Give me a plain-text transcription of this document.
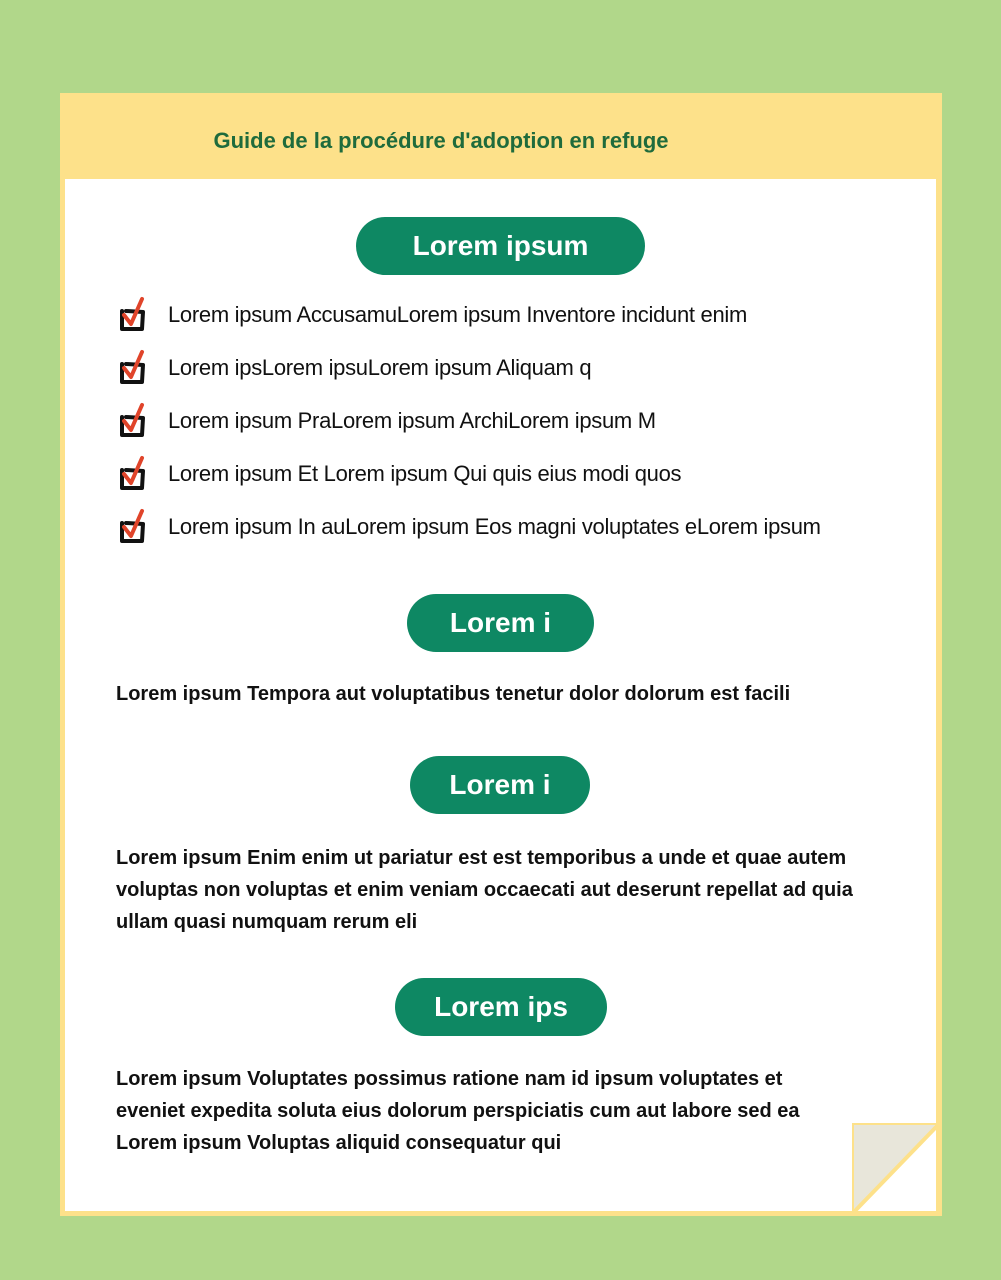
Guide de la procédure d'adoption en refuge
Lorem ipsum
Lorem ipsum AccusamuLorem ipsum Inventore incidunt enim
Lorem ipsLorem ipsuLorem ipsum Aliquam q
Lorem ipsum PraLorem ipsum ArchiLorem ipsum M
Lorem ipsum Et Lorem ipsum Qui quis eius modi quos
Lorem ipsum In auLorem ipsum Eos magni voluptates eLorem ipsum
Lorem i
Lorem ipsum Tempora aut voluptatibus tenetur dolor dolorum est facili
Lorem i
Lorem ipsum Enim enim ut pariatur est est temporibus a unde et quae autem voluptas non voluptas et enim veniam occaecati aut deserunt repellat ad quia ullam quasi numquam rerum eli
Lorem ips
Lorem ipsum Voluptates possimus ratione nam id ipsum voluptates et eveniet expedita soluta eius dolorum perspiciatis cum aut labore sed ea Lorem ipsum Voluptas aliquid consequatur qui
